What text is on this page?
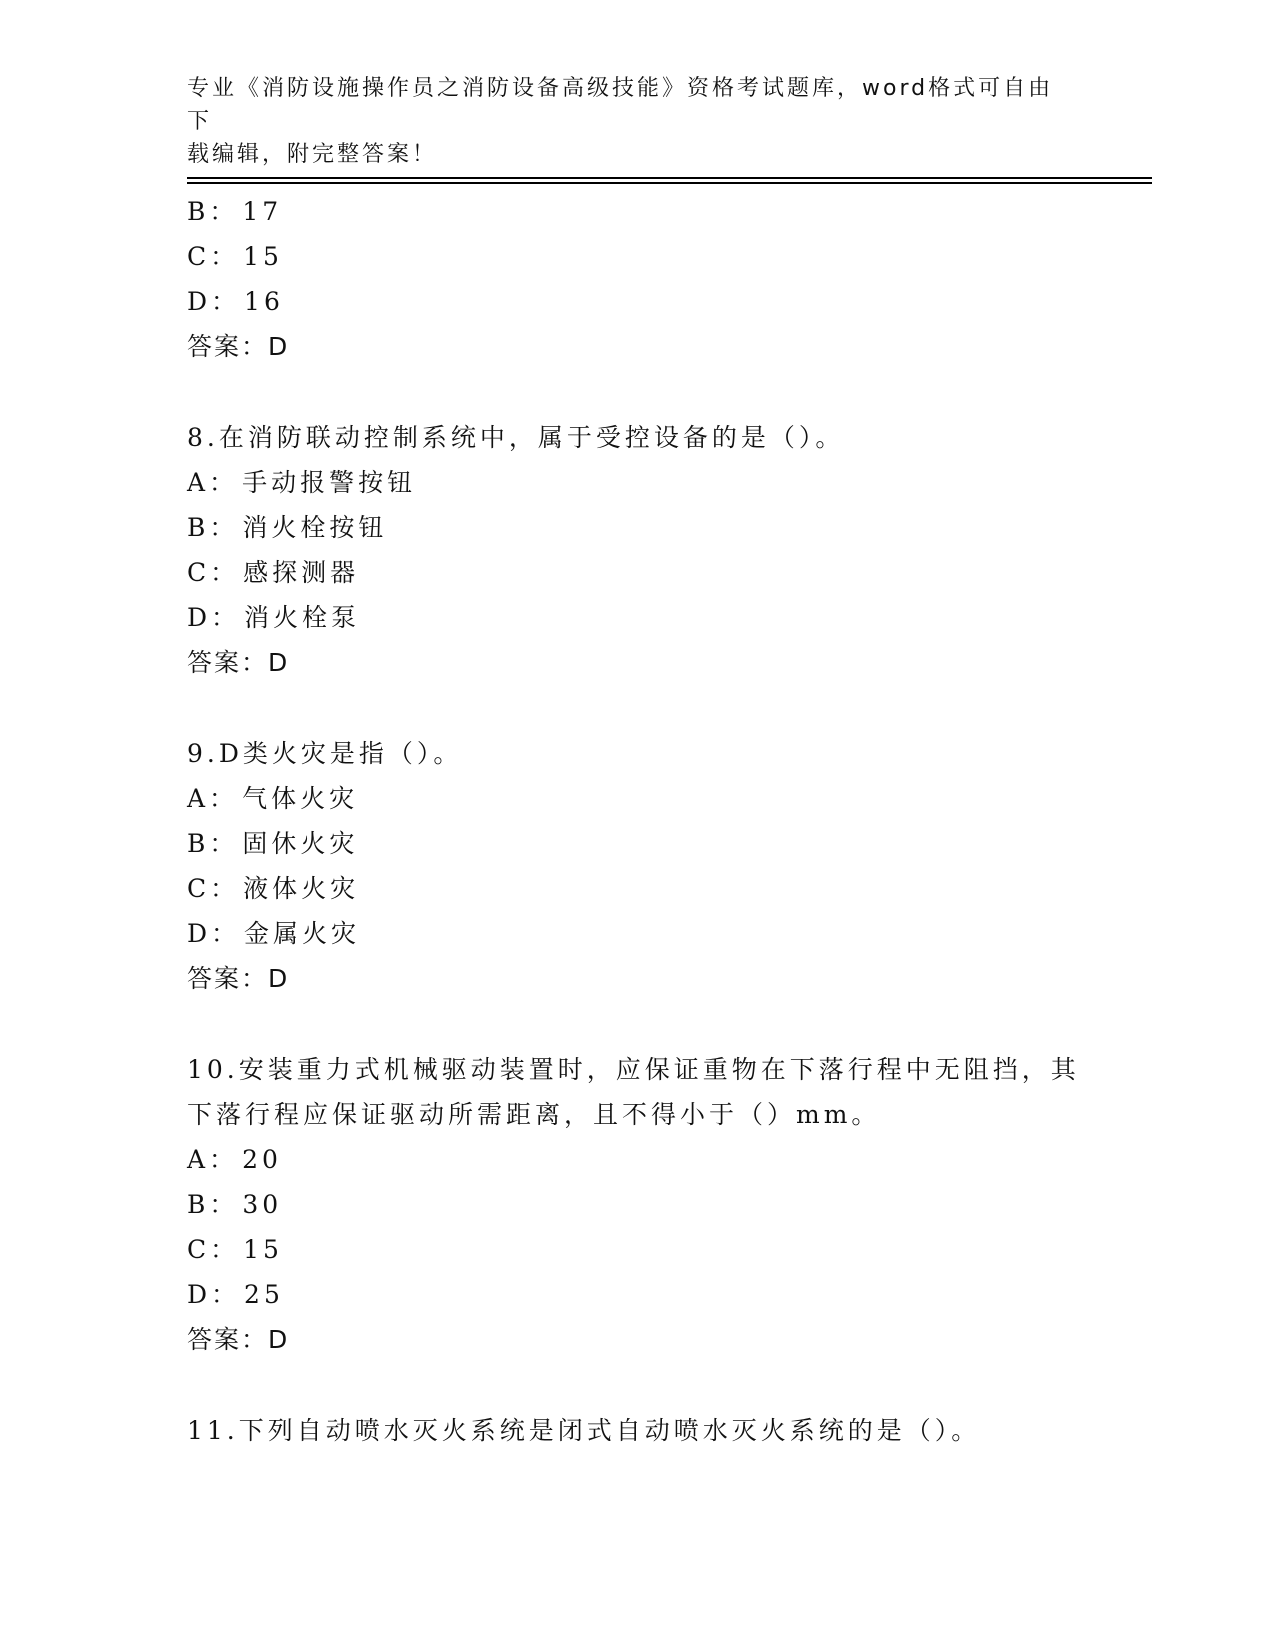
专业《消防设施操作员之消防设备高级技能》资格考试题库，word格式可自由下
载编辑，附完整答案！
B： 17
C： 15
D： 16
答案：D
8.在消防联动控制系统中，属于受控设备的是（）。
A： 手动报警按钮
B： 消火栓按钮
C： 感探测器
D： 消火栓泵
答案：D
9.D类火灾是指（）。
A： 气体火灾
B： 固休火灾
C： 液体火灾
D： 金属火灾
答案：D
10.安装重力式机械驱动装置时，应保证重物在下落行程中无阻挡，其
下落行程应保证驱动所需距离，且不得小于（）mm。
A： 20
B： 30
C： 15
D： 25
答案：D
11.下列自动喷水灭火系统是闭式自动喷水灭火系统的是（）。
